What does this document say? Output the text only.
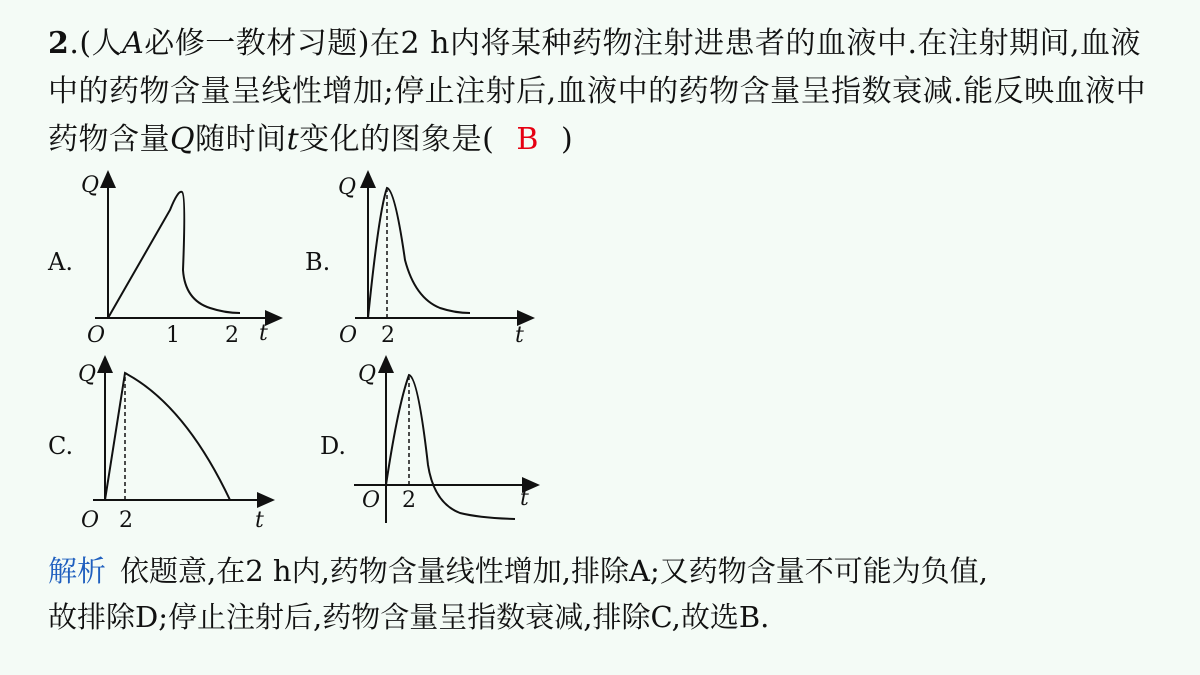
2.(人A必修一教材习题)在2 h内将某种药物注射进患者的血液中.在注射期间,血液中的药物含量呈线性增加;停止注射后,血液中的药物含量呈指数衰减.能反映血液中药物含量Q随时间t变化的图象是( B )
A.
Q
O	1 2 t
B.
Q
O 2	t
C.
Q
O 2	t
D.
Q
O 2	t
解析 依题意,在2 h内,药物含量线性增加,排除A;又药物含量不可能为负值,
故排除D;停止注射后,药物含量呈指数衰减,排除C,故选B.
